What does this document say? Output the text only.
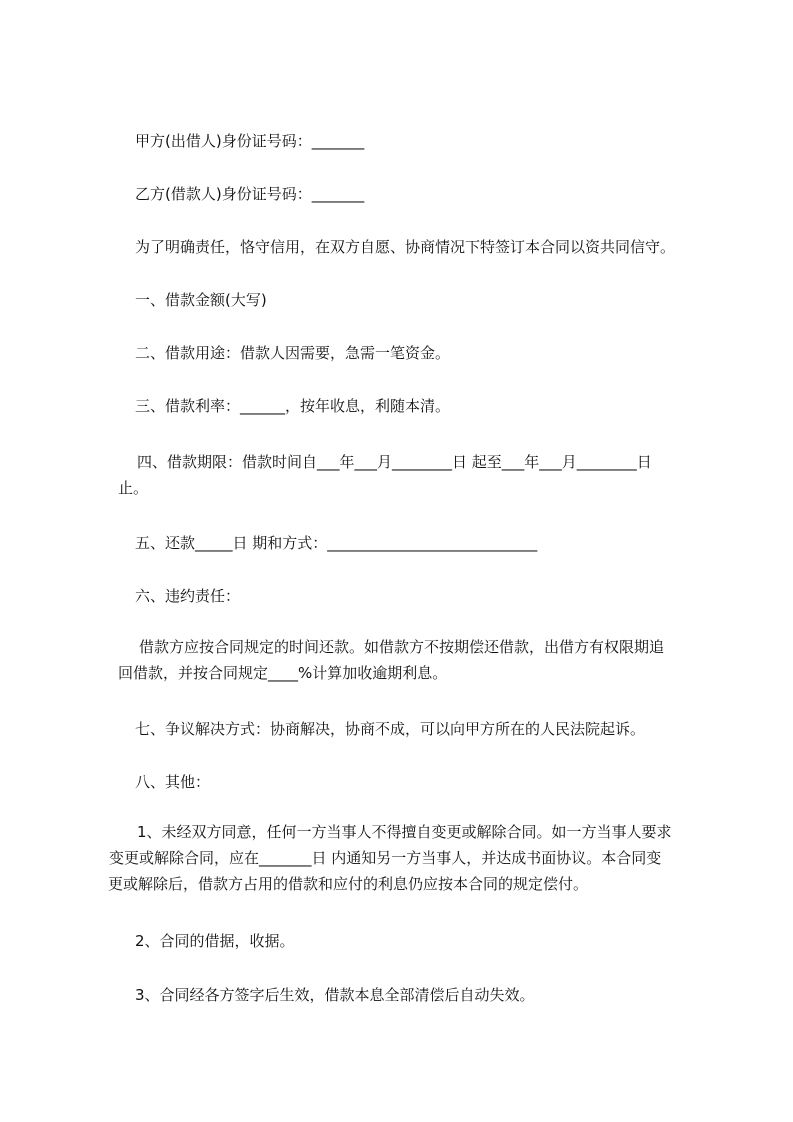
甲方(出借人)身份证号码：_______

乙方(借款人)身份证号码：_______

为了明确责任，恪守信用，在双方自愿、协商情况下特签订本合同以资共同信守。

一、借款金额(大写)

二、借款用途：借款人因需要，急需一笔资金。

三、借款利率：______，按年收息，利随本清。

四、借款期限：借款时间自___年___月________日 起至___年___月________日
止。

五、还款_____日 期和方式：____________________________

六、违约责任：

借款方应按合同规定的时间还款。如借款方不按期偿还借款，出借方有权限期追
回借款，并按合同规定____%计算加收逾期利息。

七、争议解决方式：协商解决，协商不成，可以向甲方所在的人民法院起诉。

八、其他：

1、未经双方同意，任何一方当事人不得擅自变更或解除合同。如一方当事人要求
变更或解除合同，应在_______日 内通知另一方当事人，并达成书面协议。本合同变
更或解除后，借款方占用的借款和应付的利息仍应按本合同的规定偿付。

2、合同的借据，收据。

3、合同经各方签字后生效，借款本息全部清偿后自动失效。
